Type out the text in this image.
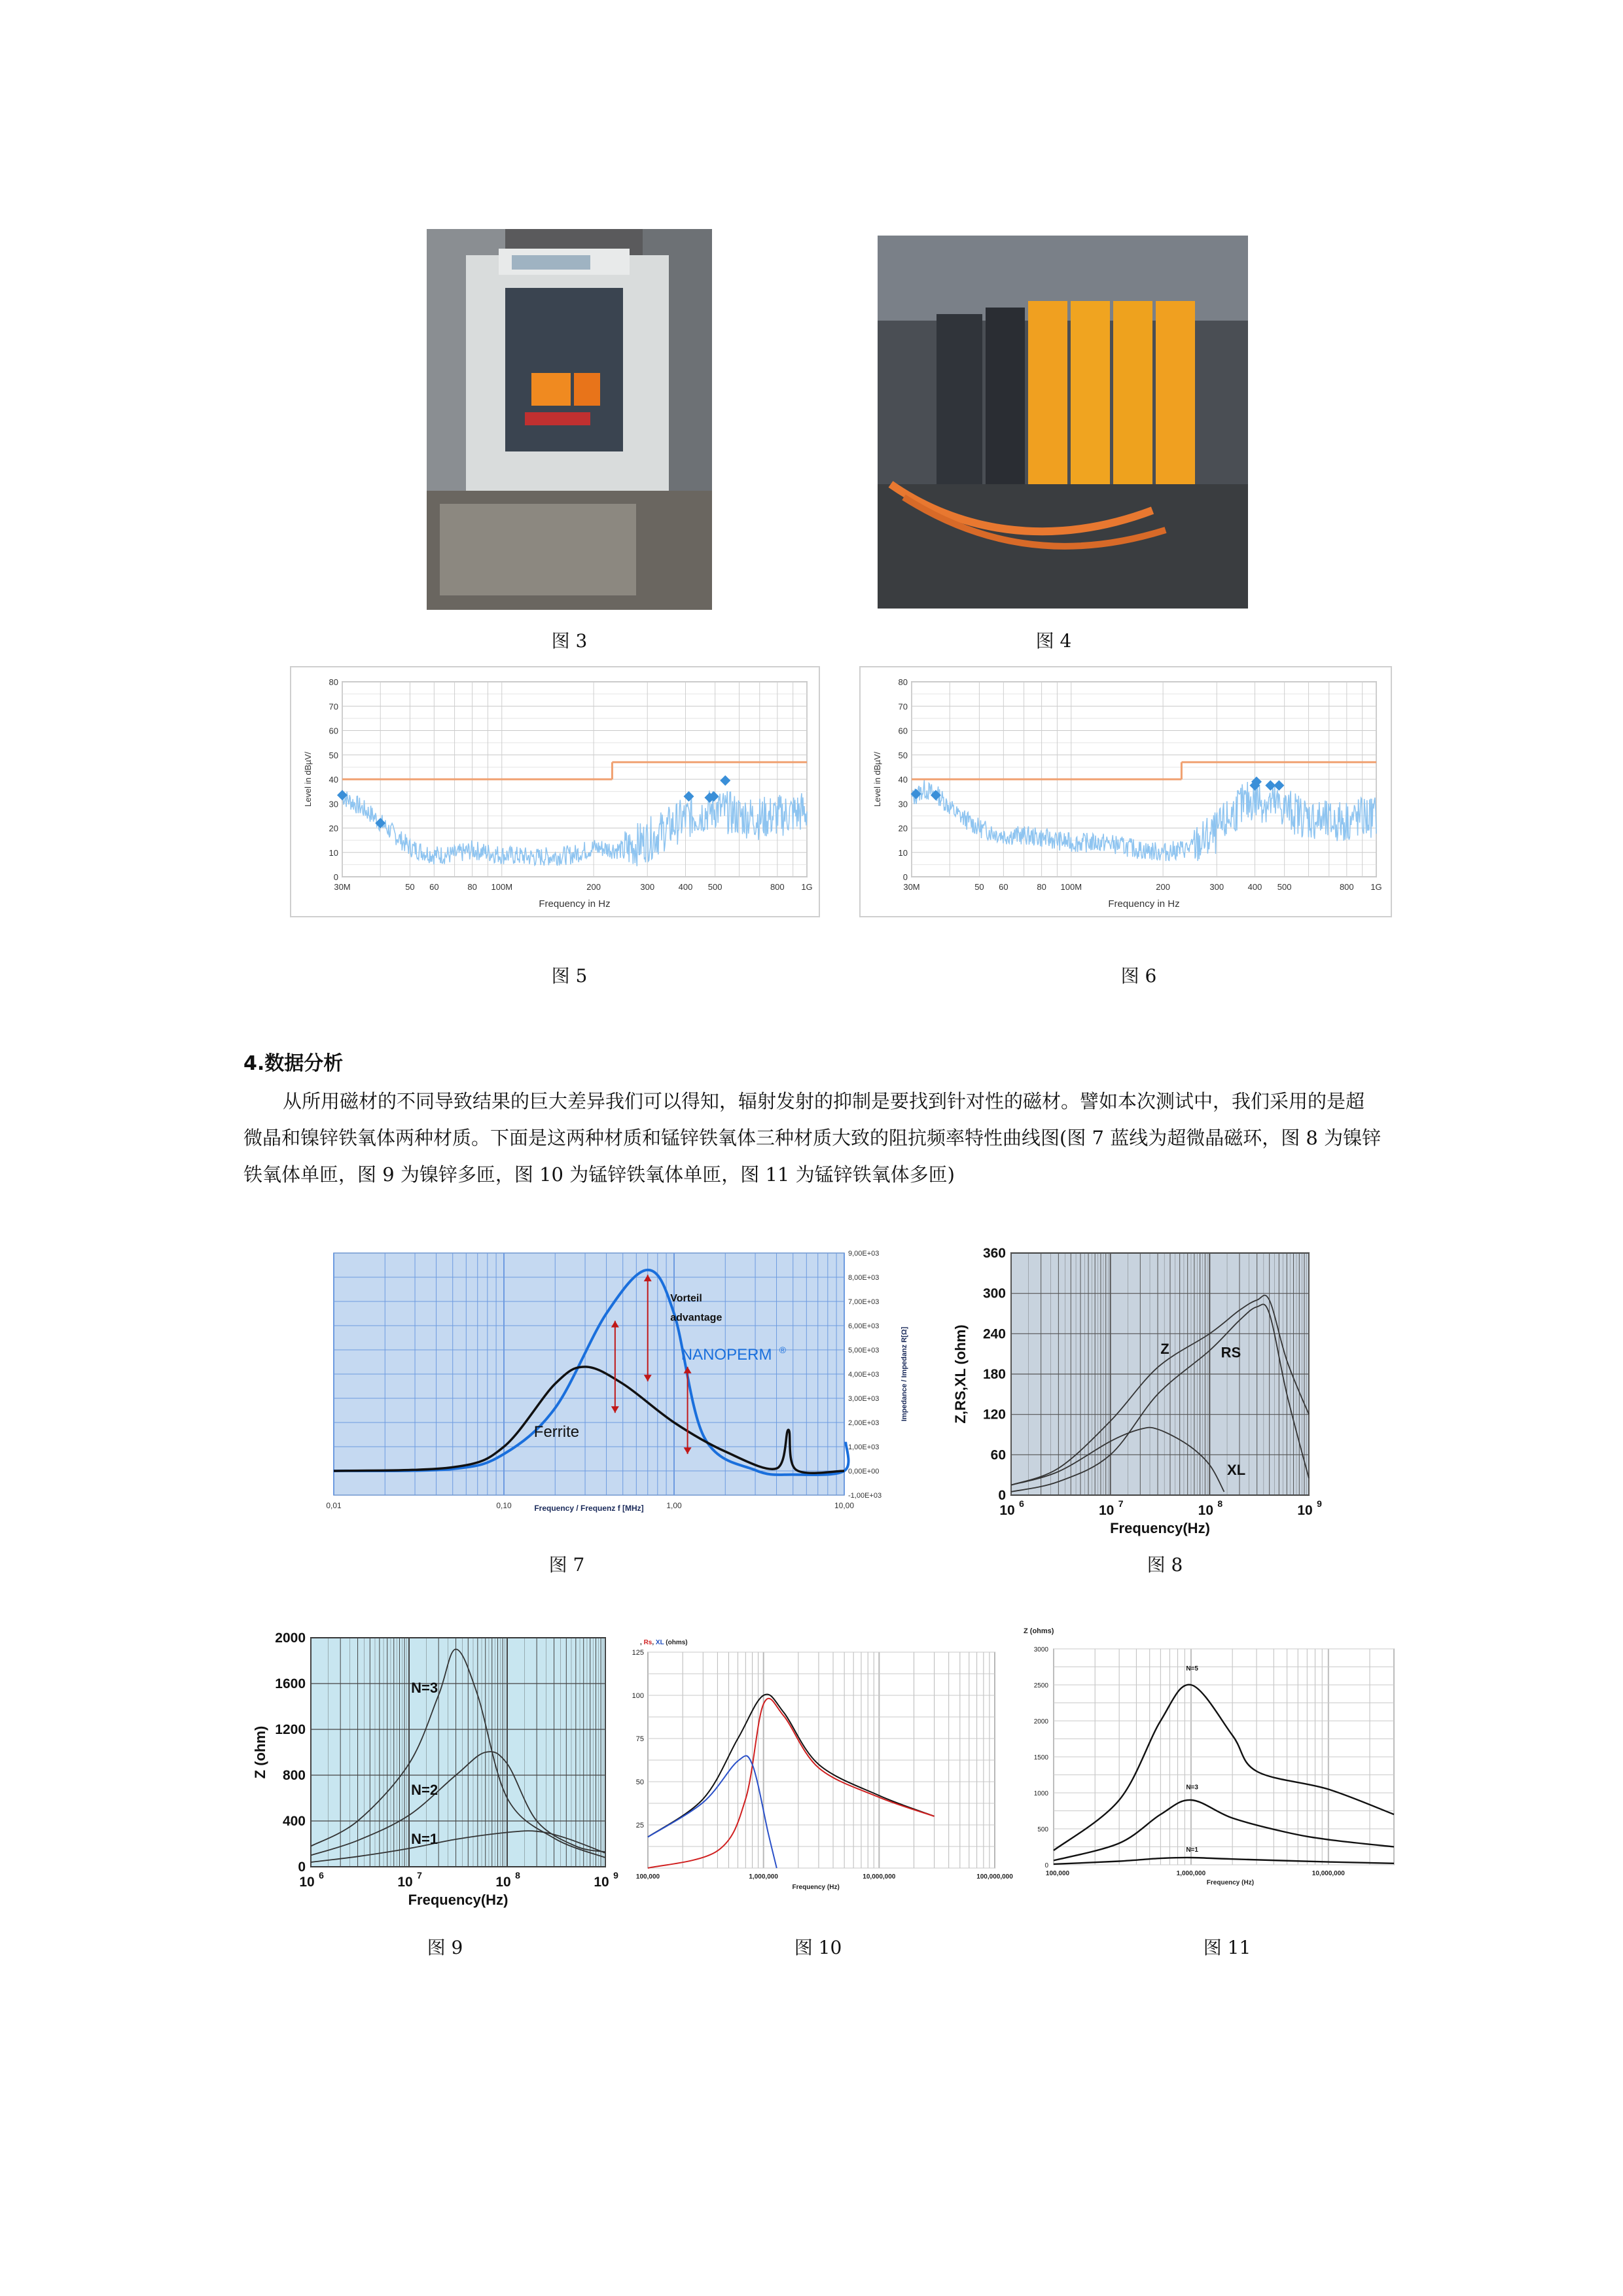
图 3	图 4
0
10
20
30
40
50
60
70
80
30M	50 60	80 100M	200	300	400 500	800 1G
Frequency in Hz
Level in dBµV/
图 5
0
10
20
30
40
50
60
70
80
30M	50 60	80 100M	200	300	400 500	800 1G
Frequency in Hz
Level in dBµV/
图 6
4.数据分析
从所用磁材的不同导致结果的巨大差异我们可以得知，辐射发射的抑制是要找到针对性的磁材。譬如本次测试中，我们采用的是超微晶和镍锌铁氧体两种材质。下面是这两种材质和锰锌铁氧体三种材质大致的阻抗频率特性曲线图(图 7 蓝线为超微晶磁环，图 8 为镍锌铁氧体单匝，图 9 为镍锌多匝，图 10 为锰锌铁氧体单匝，图 11 为锰锌铁氧体多匝)
-1,00E+03
0,00E+00
1,00E+03
2,00E+03
3,00E+03
4,00E+03
5,00E+03
6,00E+03
7,00E+03
8,00E+03
9,00E+03
0,01	0,10	1,00	10,00
Frequency / Frequenz f [MHz]
Impedance / Impedanz R[Ω]
Vorteil
advantage
NANOPERM ®
Ferrite
图 7
0
60
120
180
240
300
360
10 6	10 7	10 8	10 9
Frequency(Hz)
Z,RS,XL (ohm)	Z	RS
XL
图 8
0
400
800
1200
1600
2000
10 6	10 7	10 8	10 9
Frequency(Hz)
Z (ohm)
N=3
N=2
N=1
图 9
25
50
75
100
125
100,000	1,000,000	10,000,000	100,000,000
Frequency (Hz)
, Rs, XL (ohms)
图 10
0
500
1000
1500
2000
2500
3000
100,000	1,000,000	10,000,000
Frequency (Hz)
Z (ohms)
N=5
N=3
N=1
图 11
